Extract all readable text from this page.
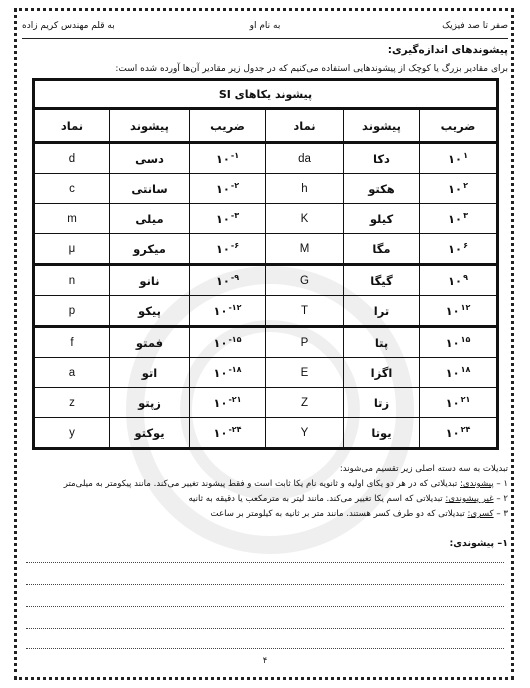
صفر تا صد فیزیک
به نام او
به قلم مهندس کریم زاده
پیشوندهای اندازه‌گیری:
برای مقادیر بزرگ یا کوچک از پیشوندهایی استفاده می‌کنیم که در جدول زیر مقادیر آن‌ها آورده شده است:
پیشوند یکاهای SI					
ضریب	پیشوند	نماد	ضریب	پیشوند	نماد
$۱۰^۱$	دکا	da	$۱۰^{-۱}$	دسی	d
$۱۰^۲$	هکتو	h	$۱۰^{-۲}$	سانتی	c
$۱۰^۳$	کیلو	K	$۱۰^{-۳}$	میلی	m
$۱۰^۶$	مگا	M	$۱۰^{-۶}$	میکرو	μ
$۱۰^۹$	گیگا	G	$۱۰^{-۹}$	نانو	n
$۱۰^{۱۲}$	ترا	T	$۱۰^{-۱۲}$	پیکو	p
$۱۰^{۱۵}$	پتا	P	$۱۰^{-۱۵}$	فمتو	f
$۱۰^{۱۸}$	اگزا	E	$۱۰^{-۱۸}$	اتو	a
$۱۰^{۲۱}$	زتا	Z	$۱۰^{-۲۱}$	زپتو	z
$۱۰^{۲۴}$	یوتا	Y	$۱۰^{-۲۴}$	یوکتو	y
تبدیلات به سه دسته اصلی زیر تقسیم می‌شوند:
۱ – پیشوندی: تبدیلاتی که در هر دو یکای اولیه و ثانویه نام یکا ثابت است و فقط پیشوند تغییر می‌کند. مانند پیکومتر به میلی‌متر
۲ – غیر پیشوندی: تبدیلاتی که اسم یکا تغییر می‌کند. مانند لیتر به مترمکعب یا دقیقه به ثانیه
۳ – کسری: تبدیلاتی که دو طرف کسر هستند. مانند متر بر ثانیه به کیلومتر بر ساعت
۱– پیشوندی:
۴
